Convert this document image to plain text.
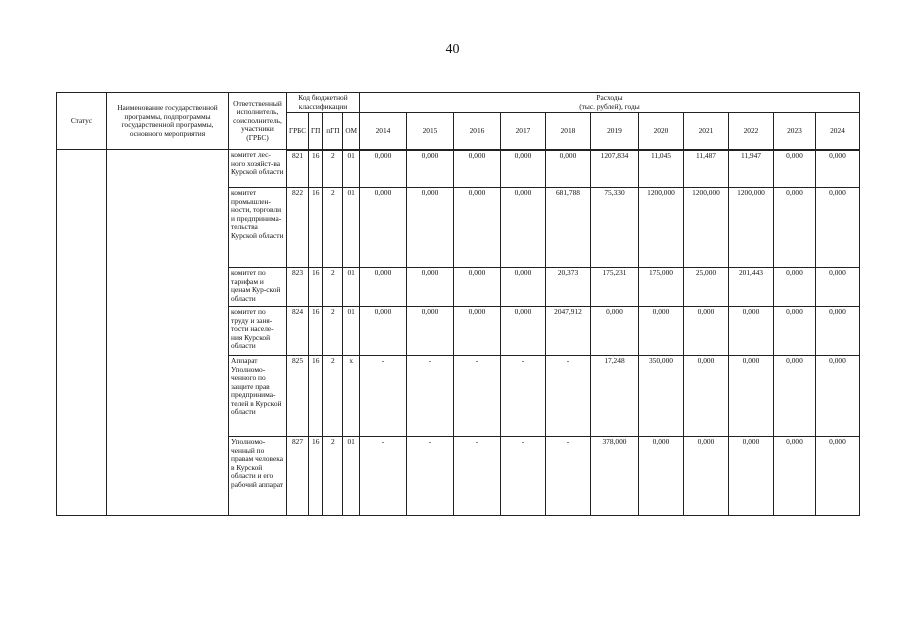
40
Статус	Наименование государственной программы, подпрограммы государственной программы, основного мероприятия	Ответственный исполнитель, соисполнитель, участники (ГРБС)	Код бюджетной классификации				Расходы
(тыс. рублей), годы										

			ГРБС	ГП	пГП	ОМ	2014	2015	2016	2017	2018	2019	2020	2021	2022	2023	2024
		комитет лес-ного хозяйст-ва Курской области	821	16	2	01	0,000	0,000	0,000	0,000	0,000	1207,834	11,045	11,487	11,947	0,000	0,000
		комитет промышлен-ности, торговли и предпринима-тельства Курской области	822	16	2	01	0,000	0,000	0,000	0,000	681,788	75,330	1200,000	1200,000	1200,000	0,000	0,000
		комитет по тарифам и ценам Кур-ской области	823	16	2	01	0,000	0,000	0,000	0,000	20,373	175,231	175,000	25,000	201,443	0,000	0,000
		комитет по труду и заня-тости населе-ния Курской области	824	16	2	01	0,000	0,000	0,000	0,000	2047,912	0,000	0,000	0,000	0,000	0,000	0,000
		Аппарат Уполномо-ченного по защите прав предпринима-телей в Курской области	825	16	2	x	-	-	-	-	-	17,248	350,000	0,000	0,000	0,000	0,000
		Уполномо-ченный по правам человека в Курской области и его рабочий аппарат	827	16	2	01	-	-	-	-	-	378,000	0,000	0,000	0,000	0,000	0,000
